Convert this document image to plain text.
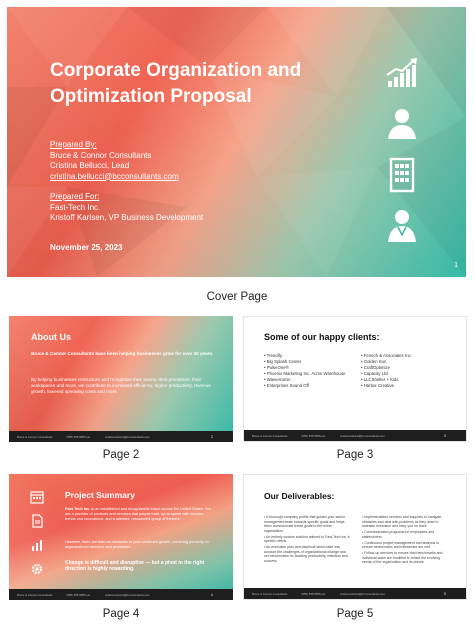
Corporate Organization and Optimization Proposal
Prepared By:
Bruce & Connor Consultants
Cristina Bellucci, Lead
cristina.bellucci@bcconsultants.com
Prepared For:
Fast-Tech Inc.
Kristoff Karlsen, VP Business Development
November 25, 2023
1
Cover Page
About Us
Bruce & Connor Consultants have been helping businesses grow for over 20 years.
By helping businesses restructure and reorganize their teams, their processes, their workspaces and more, we contribute to increased efficiency, higher productivity, revenue growth, lowered operating costs and more.
Bruce & Connor Consultants	(555) 555-5555 ext.	cristina.bellucci@bcconsultants.com	2
Page 2
Some of our happy clients:
• Trendify
• Big Splash Center
• PulseOne®
• Phoenix Marketing Inc. Acme Warehouse
• WaveAtomic
• Enterprises Sound Off
• Fenech & Associates Inc.
• Golden Sun
• CraftOptimize
• Capacity Ltd.
• LLCShelter + Kids
• Harbor Creative
Bruce & Connor Consultants	(555) 555-5555 ext.	cristina.bellucci@bcconsultants.com	3
Page 3
Project Summary
Fast-Tech Inc. is an established and recognizable brand across the United States. You are a provider of products and services that people trust, up-to-speed with industry trends and innovations, and a talented, resourceful group of thinkers.
However, there are internal obstacles to your continued growth, centering primarily on organizational structure and processes.
Change is difficult and disruptive — but a pivot in the right direction is highly rewarding.
Bruce & Connor Consultants	(555) 555-5555 ext.	cristina.bellucci@bcconsultants.com	4
Page 4
Our Deliverables:
• A thorough company profile that guides your senior management team towards specific goals and helps them communicate these goals to the entire organization
• An entirely custom solution tailored to Fast-Tech Inc.'s specific needs
• An execution plan and playbook which take into account the challenges of organizational change and set benchmarks for tracking productivity, retention and success
• Implementation services and supports to navigate obstacles and deal with problems as they arise to maintain execution and keep you on track
• Communication programs for employees and stakeholders
• Continuous project management and analysis to ensure benchmarks and milestones are met
• Follow-up services to ensure that benchmarks and individual tasks are modified to reflect the evolving needs of the organization and its clients
Bruce & Connor Consultants	(555) 555-5555 ext.	cristina.bellucci@bcconsultants.com	5
Page 5
